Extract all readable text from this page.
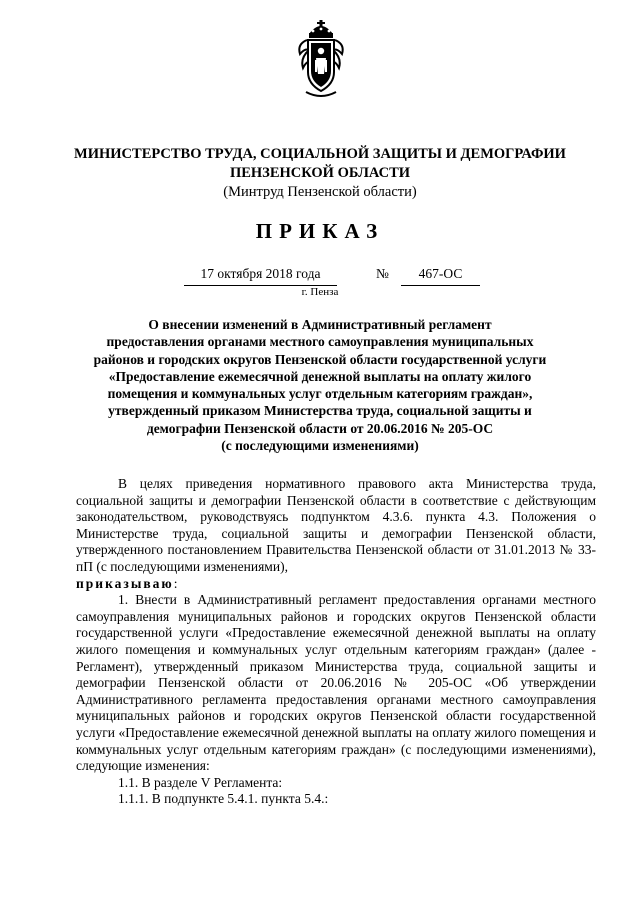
МИНИСТЕРСТВО ТРУДА, СОЦИАЛЬНОЙ ЗАЩИТЫ И ДЕМОГРАФИИ
ПЕНЗЕНСКОЙ ОБЛАСТИ
(Минтруд Пензенской области)
ПРИКАЗ
17 октября 2018 года	№	467-ОС
г. Пенза
О внесении изменений в Административный регламент
предоставления органами местного самоуправления муниципальных
районов и городских округов Пензенской области государственной услуги
«Предоставление ежемесячной денежной выплаты на оплату жилого
помещения и коммунальных услуг отдельным категориям граждан»,
утвержденный приказом Министерства труда, социальной защиты и
демографии Пензенской области от 20.06.2016 № 205-ОС
(с последующими изменениями)

В целях приведения нормативного правового акта Министерства труда, социальной защиты и демографии Пензенской области в соответствие с действующим законодательством, руководствуясь подпунктом 4.3.6. пункта 4.3. Положения о Министерстве труда, социальной защиты и демографии Пензенской области, утвержденного постановлением Правительства Пензенской области от 31.01.2013 № 33-пП (с последующими изменениями),

приказываю:

1. Внести в Административный регламент предоставления органами местного самоуправления муниципальных районов и городских округов Пензенской области государственной услуги «Предоставление ежемесячной денежной выплаты на оплату жилого помещения и коммунальных услуг отдельным категориям граждан» (далее - Регламент), утвержденный приказом Министерства труда, социальной защиты и демографии Пензенской области от 20.06.2016 № 205-ОС «Об утверждении Административного регламента предоставления органами местного самоуправления муниципальных районов и городских округов Пензенской области государственной услуги «Предоставление ежемесячной денежной выплаты на оплату жилого помещения и коммунальных услуг отдельным категориям граждан» (с последующими изменениями), следующие изменения:

1.1. В разделе V Регламента:

1.1.1. В подпункте 5.4.1. пункта 5.4.:
